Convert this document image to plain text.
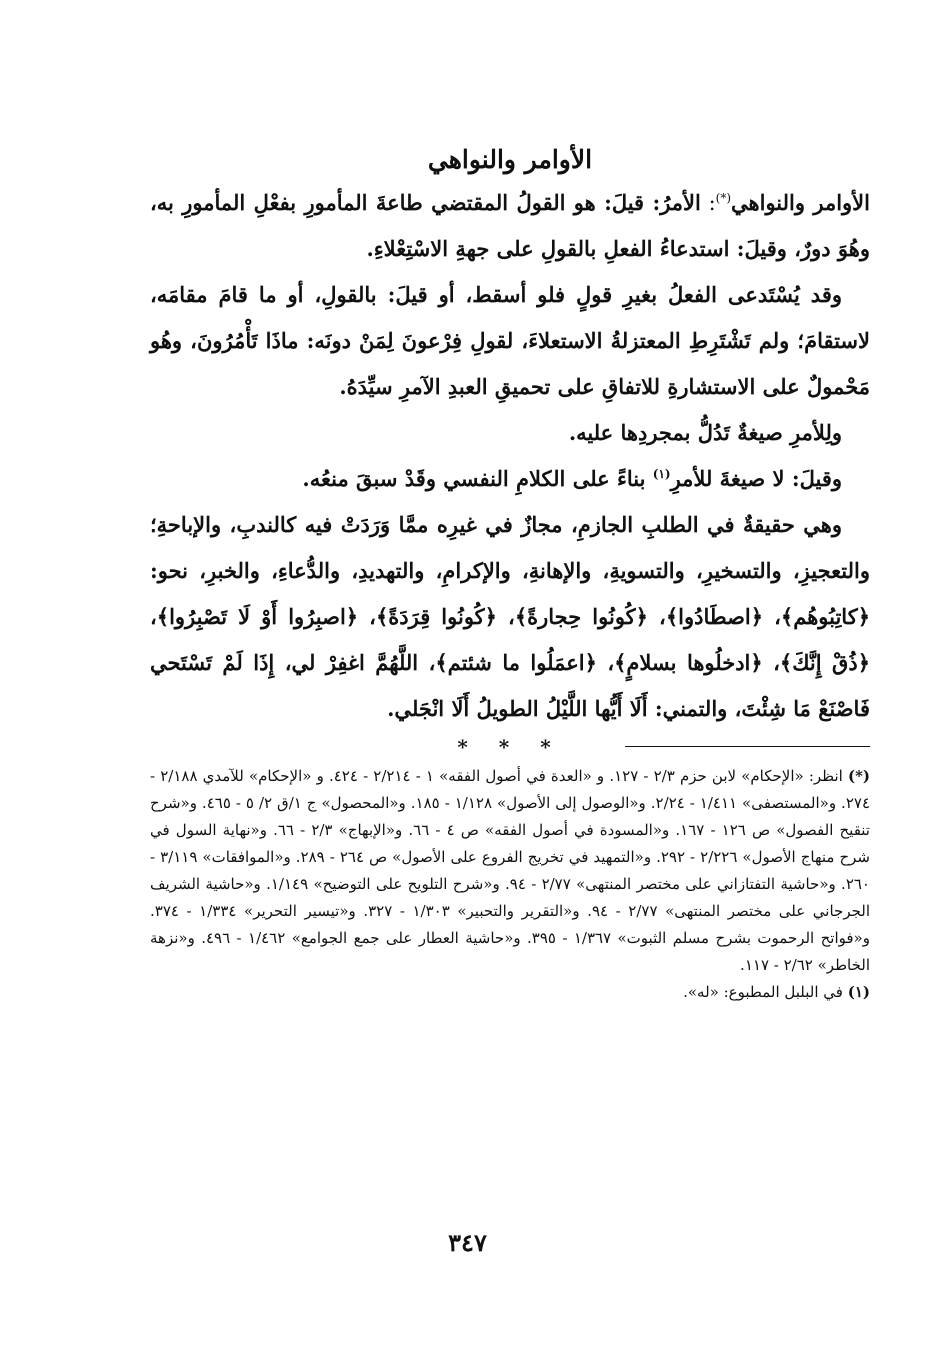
الأوامر والنواهي

الأوامر والنواهي(*): الأمرُ: قيلَ: هو القولُ المقتضي طاعةَ المأمورِ بفعْلِ المأمورِ به، وهُوَ دورٌ، وقيلَ: استدعاءُ الفعلِ بالقولِ على جهةِ الاسْتِعْلاءِ.

وقد يُسْتَدعى الفعلُ بغيرِ قولٍ فلو أسقط، أو قيلَ: بالقولِ، أو ما قامَ مقامَه، لاستقامَ؛ ولم تَشْتَرِطِ المعتزلةُ الاستعلاءَ، لقولِ فِرْعونَ لِمَنْ دونَه: ماذَا تَأْمُرُونَ، وهُو مَحْمولٌ على الاستشارةِ للاتفاقِ على تحميقِ العبدِ الآمرِ سيِّدَهُ.

ولِلأمرِ صيغةٌ تَدُلُّ بمجردِها عليه.

وقيلَ: لا صيغةَ للأمرِ$^{(١)}$ بناءً على الكلامِ النفسي وقَدْ سبقَ منعُه.

وهي حقيقةٌ في الطلبِ الجازمِ، مجازٌ في غيرِه ممَّا وَرَدَتْ فيه كالندبِ، والإباحةِ؛ والتعجيزِ، والتسخيرِ، والتسويةِ، والإهانةِ، والإكرامِ، والتهديدِ، والدُّعاءِ، والخبرِ، نحو: ﴿كاتِبُوهُم﴾، ﴿اصطَادُوا﴾، ﴿كُونُوا حِجارةً﴾، ﴿كُونُوا قِرَدَةً﴾، ﴿اصبِرُوا أَوْ لَا تَصْبِرُوا﴾، ﴿ذُقْ إِنَّكَ﴾، ﴿ادخلُوها بسلامٍ﴾، ﴿اعمَلُوا ما شئتم﴾، اللَّهُمَّ اغفِرْ لي، إِذَا لَمْ تَسْتَحي فَاصْنَعْ مَا شِئْتَ، والتمني: أَلَا أَيُّها اللَّيْلُ الطويلُ أَلَا انْجَلي.

* * *

(*) انظر: «الإحكام» لابن حزم ٢/٣ - ١٢٧. و «العدة في أصول الفقه» ١ - ٢/٢١٤ - ٤٢٤. و «الإحكام» للآمدي ٢/١٨٨ - ٢٧٤. و«المستصفى» ١/٤١١ - ٢/٢٤. و«الوصول إلى الأصول» ١/١٢٨ - ١٨٥. و«المحصول» ج ١/ق ٢/ ٥ - ٤٦٥. و«شرح تنقيح الفصول» ص ١٢٦ - ١٦٧. و«المسودة في أصول الفقه» ص ٤ - ٦٦. و«الإبهاج» ٢/٣ - ٦٦. و«نهاية السول في شرح منهاج الأصول» ٢/٢٢٦ - ٢٩٢. و«التمهيد في تخريج الفروع على الأصول» ص ٢٦٤ - ٢٨٩. و«الموافقات» ٣/١١٩ - ٢٦٠. و«حاشية التفتازاني على مختصر المنتهى» ٢/٧٧ - ٩٤. و«شرح التلويح على التوضيح» ١/١٤٩. و«حاشية الشريف الجرجاني على مختصر المنتهى» ٢/٧٧ - ٩٤. و«التقرير والتحبير» ١/٣٠٣ - ٣٢٧. و«تيسير التحرير» ١/٣٣٤ - ٣٧٤. و«فواتح الرحموت بشرح مسلم الثبوت» ١/٣٦٧ - ٣٩٥. و«حاشية العطار على جمع الجوامع» ١/٤٦٢ - ٤٩٦. و«نزهة الخاطر» ٢/٦٢ - ١١٧.

(١) في البلبل المطبوع: «له».

٣٤٧
